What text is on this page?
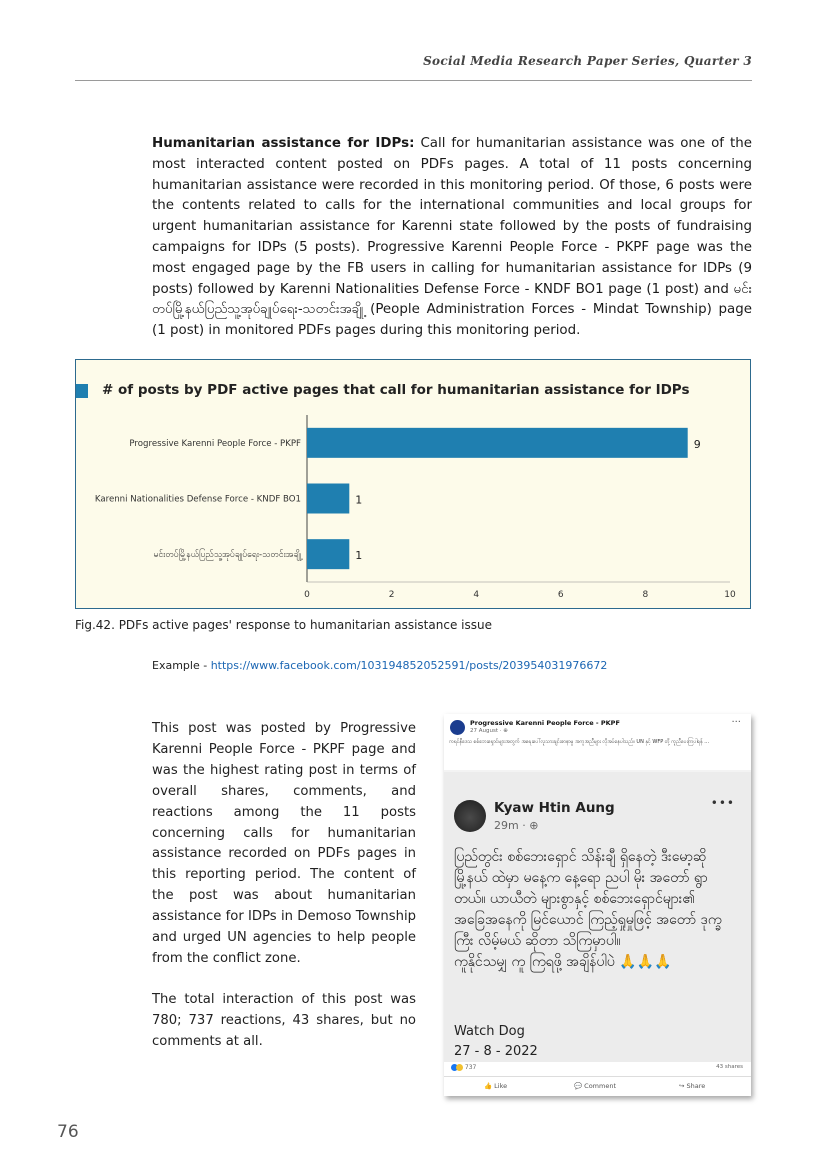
Social Media Research Paper Series, Quarter 3
Humanitarian assistance for IDPs: Call for humanitarian assistance was one of the most interacted content posted on PDFs pages. A total of 11 posts concerning humanitarian assistance were recorded in this monitoring period. Of those, 6 posts were the contents related to calls for the international communities and local groups for urgent humanitarian assistance for Karenni state followed by the posts of fundraising campaigns for IDPs (5 posts). Progressive Karenni People Force - PKPF page was the most engaged page by the FB users in calling for humanitarian assistance for IDPs (9 posts) followed by Karenni Nationalities Defense Force - KNDF BO1 page (1 post) and မင်းတပ်မြို့နယ်ပြည်သူ့အုပ်ချုပ်ရေး-သတင်းအချို့ (People Administration Forces - Mindat Township) page (1 post) in monitored PDFs pages during this monitoring period.
# of posts by PDF active pages that call for humanitarian assistance for IDPs
Progressive Karenni People Force - PKPF	9
Karenni Nationalities Defense Force - KNDF BO1	1
မင်းတပ်မြို့နယ်ပြည်သူ့အုပ်ချုပ်ရေး-သတင်းအချို့	1
0	2	4	6	8	10
Fig.42. PDFs active pages' response to humanitarian assistance issue
Example - https://www.facebook.com/103194852052591/posts/203954031976672

This post was posted by Progressive Karenni People Force - PKPF page and was the highest rating post in terms of overall shares, comments, and reactions among the 11 posts concerning calls for humanitarian assistance recorded on PDFs pages in this reporting period. The content of the post was about humanitarian assistance for IDPs in Demoso Township and urged UN agencies to help people from the conflict zone.

The total interaction of this post was 780; 737 reactions, 43 shares, but no comments at all.

Progressive Karenni People Force - PKPF
27 August · ⊕
···
ကရင်နီဒေသ စစ်ဘေးရှောင်များအတွက် အရေးပေါ်လူသားချင်းစာနာမှု အကူအညီများ လိုအပ်နေပါသည်။ UN နှင့် WFP တို့ ကူညီပေးကြပါရန် ...
Kyaw Htin Aung
29m · ⊕
•••
ပြည်တွင်း စစ်ဘေးရှောင် သိန်းချီ ရှိနေတဲ့ ဒီးမော့ဆို မြို့နယ် ထဲမှာ မနေ့က နေ့ရော ညပါ မိုး အတော် ရွာတယ်။ ယာယီတဲ များစွာနှင့် စစ်ဘေးရှောင်များ၏ အခြေအနေကို မြင်ယောင် ကြည့်ရှုမှုဖြင့် အတော် ဒုက္ခကြီး လိမ့်မယ် ဆိုတာ သိကြမှာပါ။
ကူနိုင်သမျှ ကူ ကြရဖို့ အချိန်ပါပဲ 🙏🙏🙏
Watch Dog
27 - 8 - 2022
737	43 shares
👍 Like	💬 Comment	↪ Share
76
